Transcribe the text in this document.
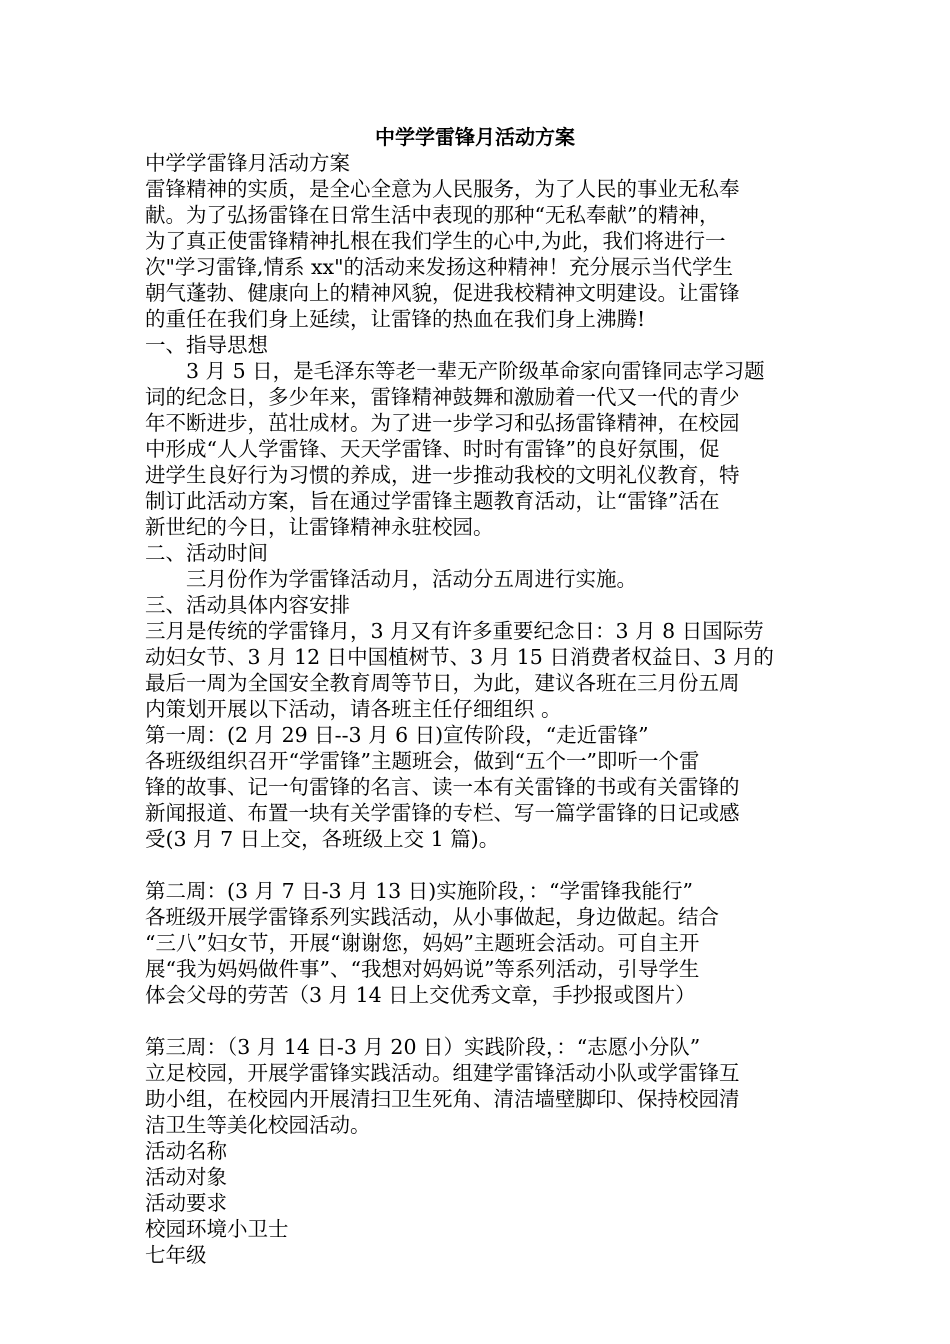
中学学雷锋月活动方案
中学学雷锋月活动方案
雷锋精神的实质，是全心全意为人民服务，为了人民的事业无私奉
献。为了弘扬雷锋在日常生活中表现的那种“无私奉献”的精神，
为了真正使雷锋精神扎根在我们学生的心中,为此，我们将进行一
次"学习雷锋,情系 xx"的活动来发扬这种精神！充分展示当代学生
朝气蓬勃、健康向上的精神风貌，促进我校精神文明建设。让雷锋
的重任在我们身上延续，让雷锋的热血在我们身上沸腾!
一、指导思想
3 月 5 日，是毛泽东等老一辈无产阶级革命家向雷锋同志学习题
词的纪念日，多少年来，雷锋精神鼓舞和激励着一代又一代的青少
年不断进步，茁壮成材。为了进一步学习和弘扬雷锋精神，在校园
中形成“人人学雷锋、天天学雷锋、时时有雷锋”的良好氛围，促
进学生良好行为习惯的养成，进一步推动我校的文明礼仪教育，特
制订此活动方案，旨在通过学雷锋主题教育活动，让“雷锋”活在
新世纪的今日，让雷锋精神永驻校园。
二、活动时间
三月份作为学雷锋活动月，活动分五周进行实施。
三、活动具体内容安排
三月是传统的学雷锋月，3 月又有许多重要纪念日：3 月 8 日国际劳
动妇女节、3 月 12 日中国植树节、3 月 15 日消费者权益日、3 月的
最后一周为全国安全教育周等节日，为此，建议各班在三月份五周
内策划开展以下活动，请各班主任仔细组织 。
第一周：(2 月 29 日--3 月 6 日)宣传阶段，“走近雷锋”
各班级组织召开“学雷锋”主题班会，做到“五个一”即听一个雷
锋的故事、记一句雷锋的名言、读一本有关雷锋的书或有关雷锋的
新闻报道、布置一块有关学雷锋的专栏、写一篇学雷锋的日记或感
受(3 月 7 日上交，各班级上交 1 篇)。
第二周：(3 月 7 日-3 月 13 日)实施阶段，：“学雷锋我能行”
各班级开展学雷锋系列实践活动，从小事做起，身边做起。结合
“三八”妇女节，开展“谢谢您，妈妈”主题班会活动。可自主开
展“我为妈妈做件事”、“我想对妈妈说”等系列活动，引导学生
体会父母的劳苦（3 月 14 日上交优秀文章，手抄报或图片）
第三周：（3 月 14 日-3 月 20 日）实践阶段，：“志愿小分队”
立足校园，开展学雷锋实践活动。组建学雷锋活动小队或学雷锋互
助小组，在校园内开展清扫卫生死角、清洁墙壁脚印、保持校园清
洁卫生等美化校园活动。
活动名称
活动对象
活动要求
校园环境小卫士
七年级
